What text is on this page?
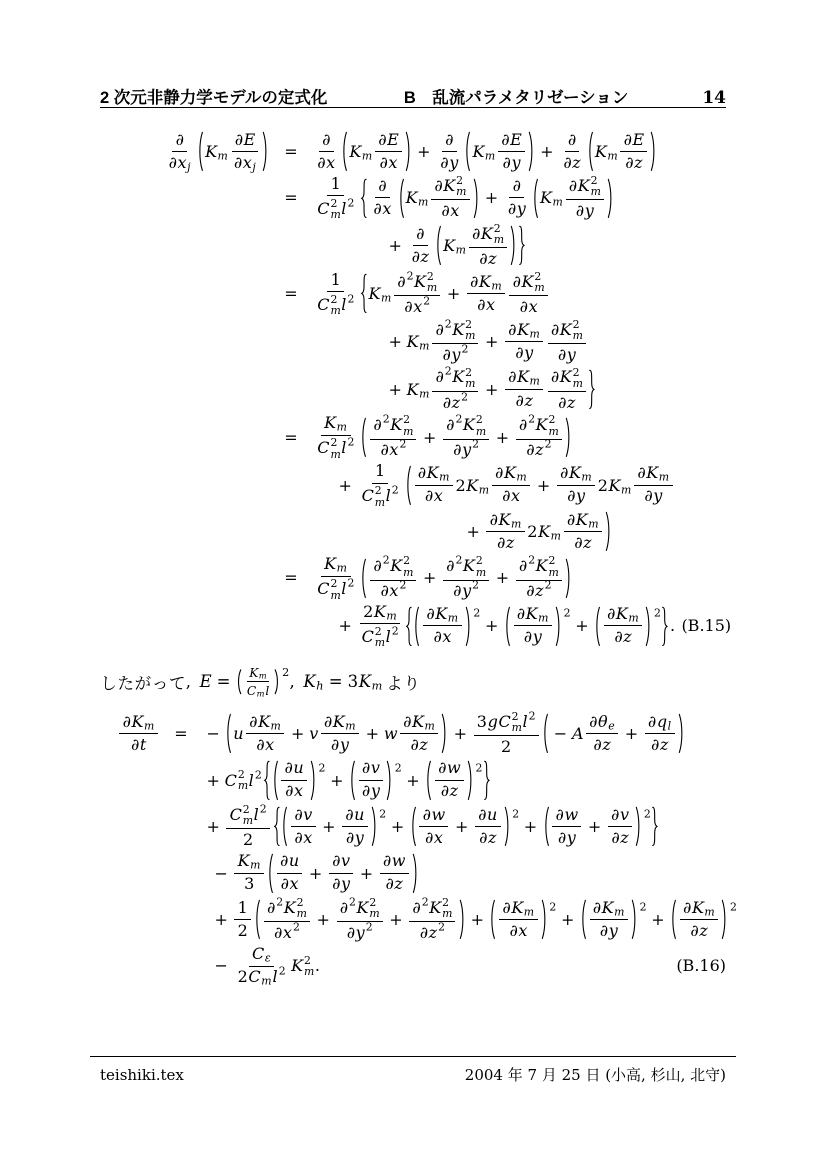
2 次元非静力学モデルの定式化	B　乱流パラメタリゼーション	14
$\frac{\partial}{\text{∂ x j}}$ K m $\frac{\partial E}{\text{∂ x j}} = \frac{\partial}{\partial x}$ K m $\frac{\partial E}{\partial x} + \frac{\partial}{\partial y}$ K m $\frac{\partial E}{\partial y} + \frac{\partial}{\partial z}$ K m $\frac{\partial E}{\partial z}$
= 1
C 2
m l $2 \frac{\partial}{\partial x}$ K m ∂ K 2
m
∂ $x + \frac{\partial}{\partial y}$ K m ∂ K 2
m
∂ y
+ $\frac{\partial}{\partial z}$ K m ∂ K 2
m
∂ z
= 1
C 2
m l 2 K m ∂ 2 K 2
m
∂ x $2 + \frac{\text{∂ K m}}{\partial x}$ ∂ K 2
m
∂ x
+ K m ∂ 2 K 2
m
∂ y $2 + \frac{\text{∂ K m}}{\partial y}$ ∂ K 2
m
∂ y
+ K m ∂ 2 K 2
m
∂ z $2 + \frac{\text{∂ K m}}{\partial z}$ ∂ K 2
m
∂ z
= K m
C 2
m l 2 ∂ 2 K 2
m
∂ x 2 + ∂ 2 K 2
m
∂ y 2 + ∂ 2 K 2
m
∂ z 2
+ 1
C 2
m l $2 \frac{\text{∂ K m}}{\partial x} 2$ K m $\frac{\text{∂ K m}}{\partial x} + \frac{\text{∂ K m}}{\partial y} 2$ K m $\frac{\text{∂ K m}}{\partial y}$
+ $\frac{\text{∂ K m}}{\partial z} 2$ K m $\frac{\text{∂ K m}}{\partial z}$
= K m
C 2
m l 2 ∂ 2 K 2
m
∂ x 2 + ∂ 2 K 2
m
∂ y 2 + ∂ 2 K 2
m
∂ z 2
+ 2 K m
C 2
m l $2 \frac{\text{∂ K m}}{\partial x} 2$
+ $\frac{\text{∂ K m}}{\partial y} 2$
+ $\frac{\text{∂ K m}}{\partial z} 2$
. (B.15)
し た が っ て , $E = \frac{\text{K m}}{\text{C m l}} 2$ , K h = 3 K m よ り
$\frac{\text{∂ K m}}{\partial t}$ = − u $\frac{\text{∂ K m}}{\partial x} + v \frac{\text{∂ K m}}{\partial y} + w \frac{\text{∂ K m}}{\partial z} + 3$ g C 2
m l 2
2 − A $\frac{\text{∂ θ e}}{\partial z} + \frac{\text{∂ q l}}{\partial z}$
+ C 2
m l $2 \frac{\partial u}{\partial x} 2$
+ $\frac{\partial v}{\partial y} 2$
+ $\frac{\partial w}{\partial z} 2$
+ C 2
m l 2
$2 \frac{\partial v}{\partial x} + \frac{\partial u}{\partial y} 2$
+ $\frac{\partial w}{\partial x} + \frac{\partial u}{\partial z} 2$
+ $\frac{\partial w}{\partial y} + \frac{\partial v}{\partial z} 2$
− $\frac{\text{K m}}{3} \frac{\partial u}{\partial x} + \frac{\partial v}{\partial y} + \frac{\partial w}{\partial z}$
+ $\frac{1}{2}$ ∂ 2 K 2
m
∂ x 2 + ∂ 2 K 2
m
∂ y 2 + ∂ 2 K 2
m
∂ z $2 + \frac{\text{∂ K m}}{\partial x} 2$
+ $\frac{\text{∂ K m}}{\partial y} 2$
+ $\frac{\text{∂ K m}}{\partial z} 2$
− $\frac{\text{C ε}}{\text{2 C m l 2}}$ K 2
m .	(B.16)
teishiki.tex	2004 年 7 月 25 日 (小高, 杉山, 北守)
